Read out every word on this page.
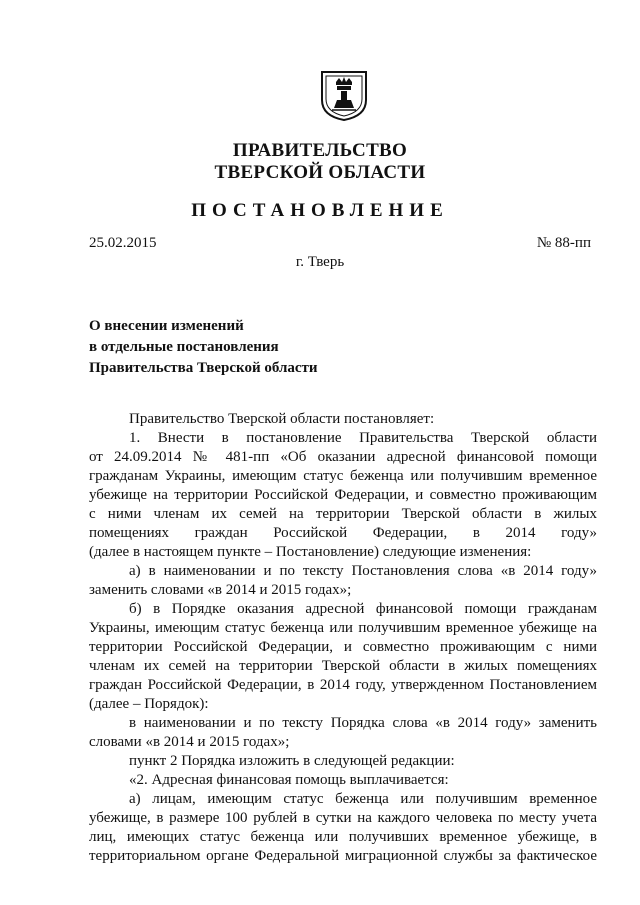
ПРАВИТЕЛЬСТВО
ТВЕРСКОЙ ОБЛАСТИ
ПОСТАНОВЛЕНИЕ
25.02.2015	№ 88-пп
г. Тверь
О внесении изменений
в отдельные постановления
Правительства Тверской области
Правительство Тверской области постановляет:
1. Внести в постановление Правительства Тверской области
от 24.09.2014 № 481-пп «Об оказании адресной финансовой помощи
гражданам Украины, имеющим статус беженца или получившим временное
убежище на территории Российской Федерации, и совместно проживающим
с ними членам их семей на территории Тверской области в жилых
помещениях граждан Российской Федерации, в 2014 году»
(далее в настоящем пункте – Постановление) следующие изменения:
а) в наименовании и по тексту Постановления слова «в 2014 году»
заменить словами «в 2014 и 2015 годах»;
б) в Порядке оказания адресной финансовой помощи гражданам
Украины, имеющим статус беженца или получившим временное убежище на
территории Российской Федерации, и совместно проживающим с ними
членам их семей на территории Тверской области в жилых помещениях
граждан Российской Федерации, в 2014 году, утвержденном Постановлением
(далее – Порядок):
в наименовании и по тексту Порядка слова «в 2014 году» заменить
словами «в 2014 и 2015 годах»;
пункт 2 Порядка изложить в следующей редакции:
«2. Адресная финансовая помощь выплачивается:
а) лицам, имеющим статус беженца или получившим временное
убежище, в размере 100 рублей в сутки на каждого человека по месту учета
лиц, имеющих статус беженца или получивших временное убежище, в
территориальном органе Федеральной миграционной службы за фактическое
